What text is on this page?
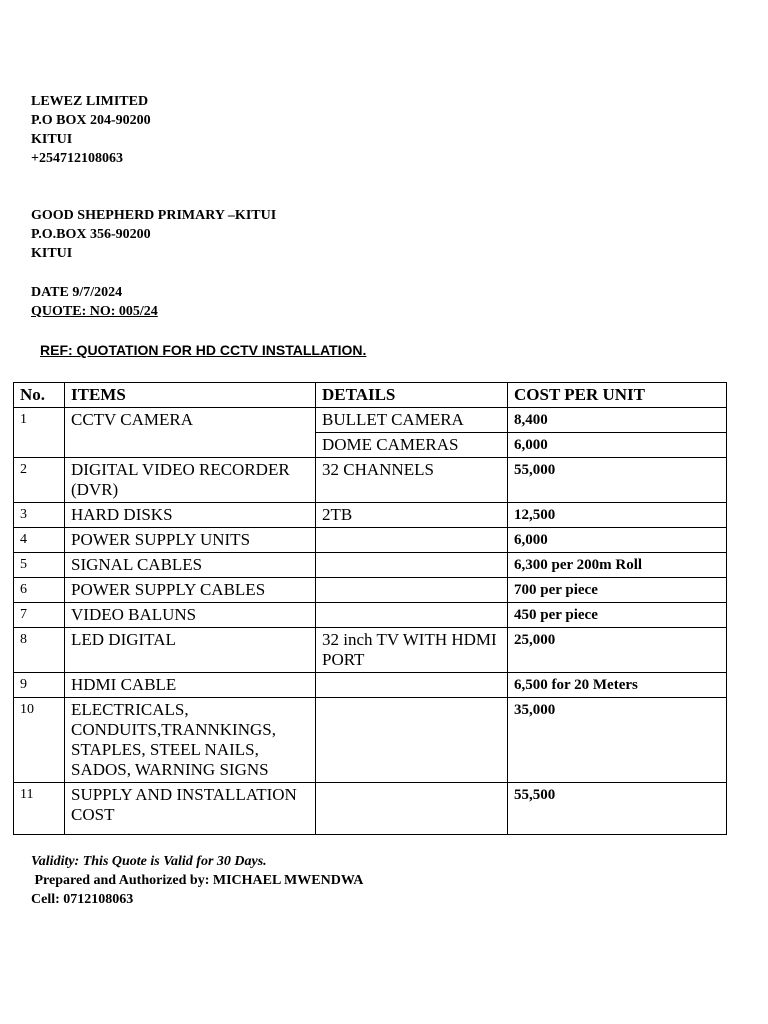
LEWEZ LIMITED
P.O BOX 204-90200
KITUI
+254712108063
GOOD SHEPHERD PRIMARY –KITUI
P.O.BOX 356-90200
KITUI
DATE 9/7/2024
QUOTE: NO: 005/24
REF: QUOTATION FOR HD CCTV INSTALLATION.
No.	ITEMS	DETAILS	COST PER UNIT
1	CCTV CAMERA	BULLET CAMERA	8,400
		DOME CAMERAS	6,000
2	DIGITAL VIDEO RECORDER (DVR)	32 CHANNELS	55,000
3	HARD DISKS	2TB	12,500
4	POWER SUPPLY UNITS		6,000
5	SIGNAL CABLES		6,300 per 200m Roll
6	POWER SUPPLY CABLES		700 per piece
7	VIDEO BALUNS		450 per piece
8	LED DIGITAL	32 inch TV WITH HDMI PORT	25,000
9	HDMI CABLE		6,500 for 20 Meters
10	ELECTRICALS, CONDUITS,TRANNKINGS, STAPLES, STEEL NAILS, SADOS, WARNING SIGNS		35,000
11	SUPPLY AND INSTALLATION COST		55,500
Validity: This Quote is Valid for 30 Days.
Prepared and Authorized by: MICHAEL MWENDWA
Cell: 0712108063
